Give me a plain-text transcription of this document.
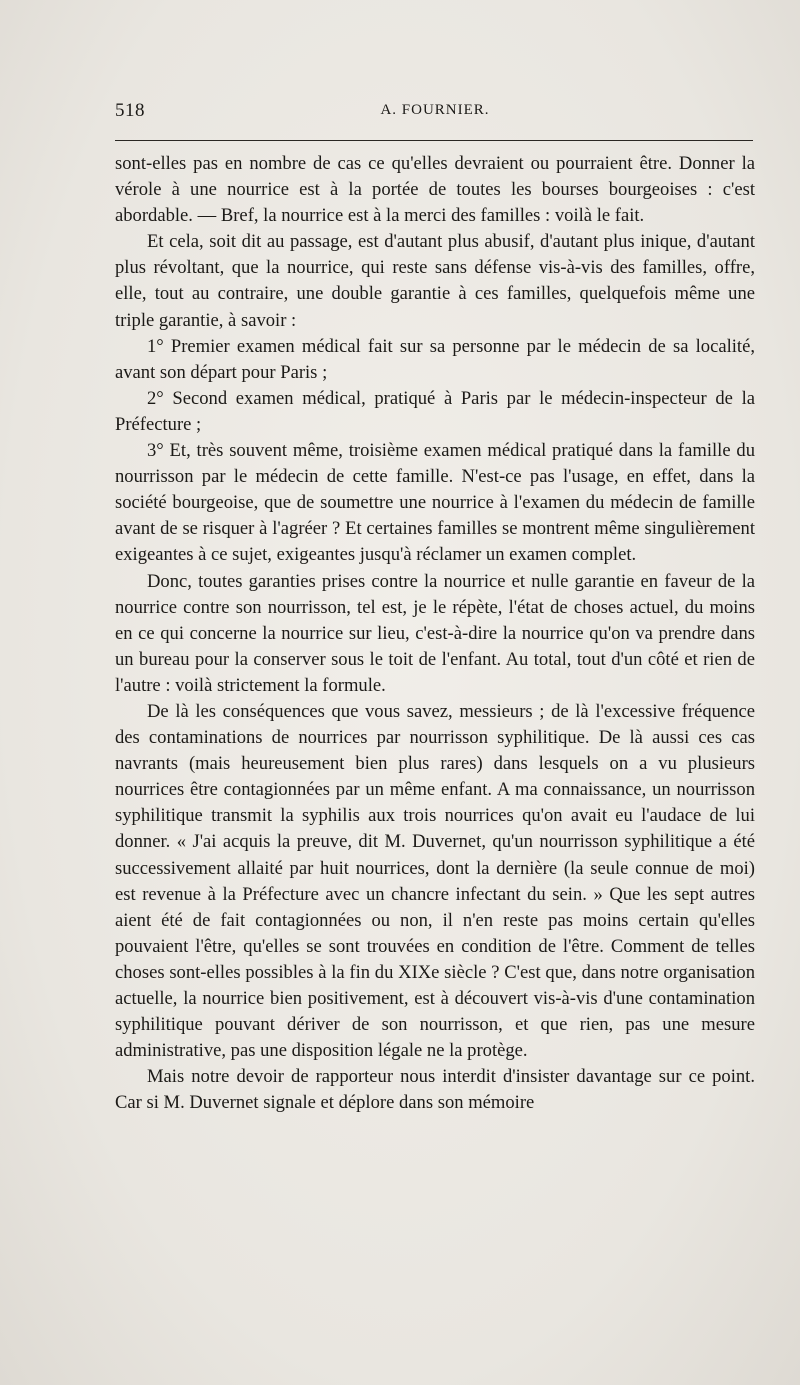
518	A. FOURNIER.

sont-elles pas en nombre de cas ce qu'elles devraient ou pourraient être. Donner la vérole à une nourrice est à la portée de toutes les bourses bourgeoises : c'est abordable. — Bref, la nourrice est à la merci des familles : voilà le fait.

Et cela, soit dit au passage, est d'autant plus abusif, d'autant plus inique, d'autant plus révoltant, que la nourrice, qui reste sans défense vis-à-vis des familles, offre, elle, tout au contraire, une double garantie à ces familles, quelquefois même une triple garantie, à savoir :

1° Premier examen médical fait sur sa personne par le médecin de sa localité, avant son départ pour Paris ;

2° Second examen médical, pratiqué à Paris par le médecin-inspecteur de la Préfecture ;

3° Et, très souvent même, troisième examen médical pratiqué dans la famille du nourrisson par le médecin de cette famille. N'est-ce pas l'usage, en effet, dans la société bourgeoise, que de soumettre une nourrice à l'examen du médecin de famille avant de se risquer à l'agréer ? Et certaines familles se montrent même singulièrement exigeantes à ce sujet, exigeantes jusqu'à réclamer un examen complet.

Donc, toutes garanties prises contre la nourrice et nulle garantie en faveur de la nourrice contre son nourrisson, tel est, je le répète, l'état de choses actuel, du moins en ce qui concerne la nourrice sur lieu, c'est-à-dire la nourrice qu'on va prendre dans un bureau pour la conserver sous le toit de l'enfant. Au total, tout d'un côté et rien de l'autre : voilà strictement la formule.

De là les conséquences que vous savez, messieurs ; de là l'excessive fréquence des contaminations de nourrices par nourrisson syphilitique. De là aussi ces cas navrants (mais heureusement bien plus rares) dans lesquels on a vu plusieurs nourrices être contagionnées par un même enfant. A ma connaissance, un nourrisson syphilitique transmit la syphilis aux trois nourrices qu'on avait eu l'audace de lui donner. « J'ai acquis la preuve, dit M. Duvernet, qu'un nourrisson syphilitique a été successivement allaité par huit nourrices, dont la dernière (la seule connue de moi) est revenue à la Préfecture avec un chancre infectant du sein. » Que les sept autres aient été de fait contagionnées ou non, il n'en reste pas moins certain qu'elles pouvaient l'être, qu'elles se sont trouvées en condition de l'être. Comment de telles choses sont-elles possibles à la fin du XIXe siècle ? C'est que, dans notre organisation actuelle, la nourrice bien positivement, est à découvert vis-à-vis d'une contamination syphilitique pouvant dériver de son nourrisson, et que rien, pas une mesure administrative, pas une disposition légale ne la protège.

Mais notre devoir de rapporteur nous interdit d'insister davantage sur ce point. Car si M. Duvernet signale et déplore dans son mémoire
